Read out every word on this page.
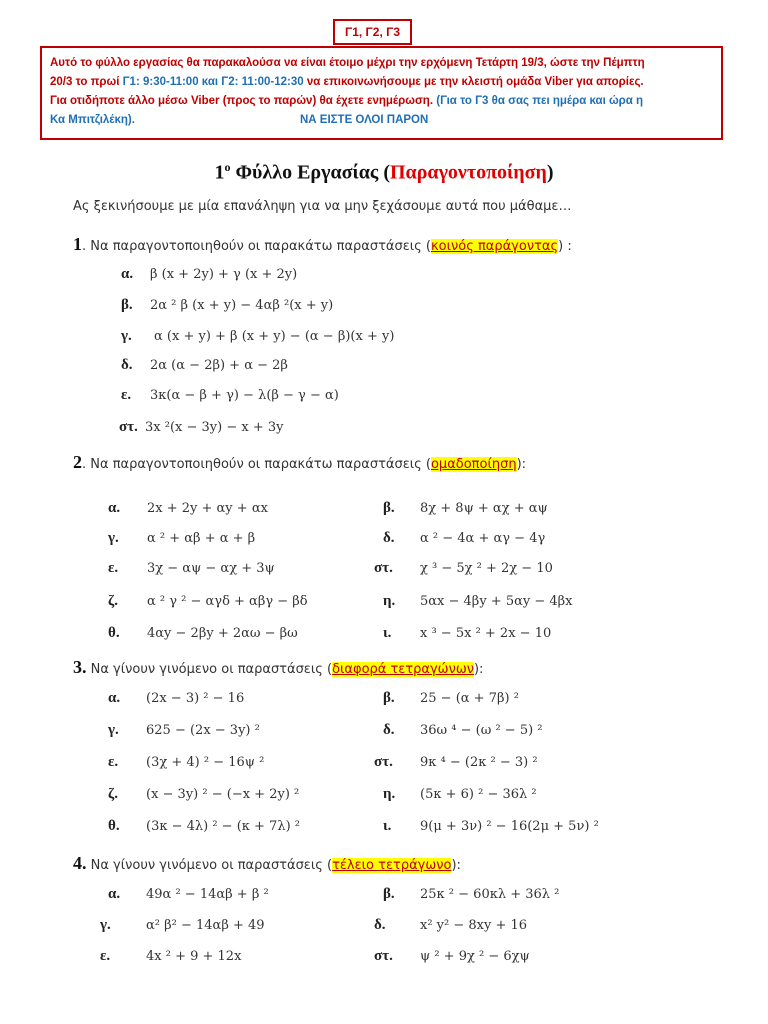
Γ1, Γ2, Γ3
Αυτό το φύλλο εργασίας θα παρακαλούσα να είναι έτοιμο μέχρι την ερχόμενη Τετάρτη 19/3, ώστε την Πέμπτη
20/3 το πρωί Γ1: 9:30-11:00 και Γ2: 11:00-12:30 να επικοινωνήσουμε με την κλειστή ομάδα Viber για απορίες.
Για οτιδήποτε άλλο μέσω Viber (προς το παρών) θα έχετε ενημέρωση. (Για το Γ3 θα σας πει ημέρα και ώρα η
Κα Μπιτζιλέκη).	ΝΑ ΕΙΣΤΕ ΟΛΟΙ ΠΑΡΟΝ
$1^o$ Φύλλο Εργασίας (Παραγοντοποίηση)
Ας ξεκινήσουμε με μία επανάληψη για να μην ξεχάσουμε αυτά που μάθαμε…
1. Να παραγοντοποιηθούν οι παρακάτω παραστάσεις (κοινός παράγοντας) :
α. β (x + 2y) + γ (x + 2y)
β. 2α ² β (x + y) − 4αβ ²(x + y)
γ. α (x + y) + β (x + y) − (α − β)(x + y)
δ. 2α (α − 2β) + α − 2β
ε. 3κ(α − β + γ) − λ(β − γ − α)
στ. 3x ²(x − 3y) − x + 3y
2. Να παραγοντοποιηθούν οι παρακάτω παραστάσεις (ομαδοποίηση):
α. 2x + 2y + αy + αx	β. 8χ + 8ψ + αχ + αψ
γ. α ² + αβ + α + β	δ. α ² − 4α + αγ − 4γ
ε. 3χ − αψ − αχ + 3ψ	στ. χ ³ − 5χ ² + 2χ − 10
ζ. α ² γ ² − αγδ + αβγ − βδ	η. 5αx − 4βy + 5αy − 4βx
θ. 4αy − 2βy + 2αω − βω	ι. x ³ − 5x ² + 2x − 10
3. Να γίνουν γινόμενο οι παραστάσεις (διαφορά τετραγώνων):
α. (2x − 3) ² − 16	β. 25 − (α + 7β) ²
γ. 625 − (2x − 3y) ²	δ. 36ω ⁴ − (ω ² − 5) ²
ε. (3χ + 4) ² − 16ψ ²	στ. 9κ ⁴ − (2κ ² − 3) ²
ζ. (x − 3y) ² − (−x + 2y) ²	η. (5κ + 6) ² − 36λ ²
θ. (3κ − 4λ) ² − (κ + 7λ) ²	ι. 9(μ + 3ν) ² − 16(2μ + 5ν) ²
4. Να γίνουν γινόμενο οι παραστάσεις (τέλειο τετράγωνο):
α. 49α ² − 14αβ + β ²	β. 25κ ² − 60κλ + 36λ ²
γ.	α² β² − 14αβ + 49	δ.	x² y² − 8xy + 16
ε.	4x ² + 9 + 12x	στ. ψ ² + 9χ ² − 6χψ
